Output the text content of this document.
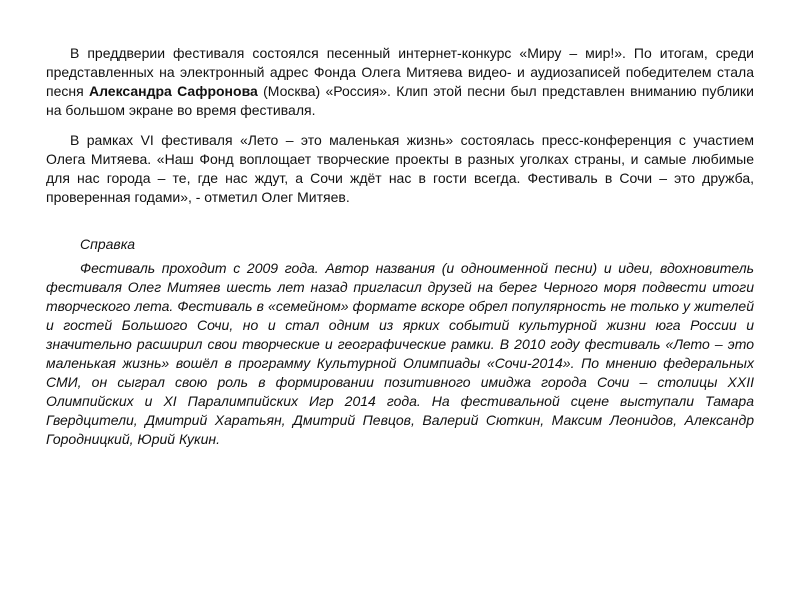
В преддверии фестиваля состоялся песенный интернет-конкурс «Миру – мир!». По итогам, среди представленных на электронный адрес Фонда Олега Митяева видео- и аудиозаписей победителем стала песня Александра Сафронова (Москва) «Россия». Клип этой песни был представлен вниманию публики на большом экране во время фестиваля.

В рамках VI фестиваля «Лето – это маленькая жизнь» состоялась пресс-конференция с участием Олега Митяева. «Наш Фонд воплощает творческие проекты в разных уголках страны, и самые любимые для нас города – те, где нас ждут, а Сочи ждёт нас в гости всегда. Фестиваль в Сочи – это дружба, проверенная годами», - отметил Олег Митяев.

Справка

Фестиваль проходит с 2009 года. Автор названия (и одноименной песни) и идеи, вдохновитель фестиваля Олег Митяев шесть лет назад пригласил друзей на берег Черного моря подвести итоги творческого лета. Фестиваль в «семейном» формате вскоре обрел популярность не только у жителей и гостей Большого Сочи, но и стал одним из ярких событий культурной жизни юга России и значительно расширил свои творческие и географические рамки. В 2010 году фестиваль «Лето – это маленькая жизнь» вошёл в программу Культурной Олимпиады «Сочи-2014». По мнению федеральных СМИ, он сыграл свою роль в формировании позитивного имиджа города Сочи – столицы XXII Олимпийских и XI Паралимпийских Игр 2014 года. На фестивальной сцене выступали Тамара Гвердцители, Дмитрий Харатьян, Дмитрий Певцов, Валерий Сюткин, Максим Леонидов, Александр Городницкий, Юрий Кукин.
